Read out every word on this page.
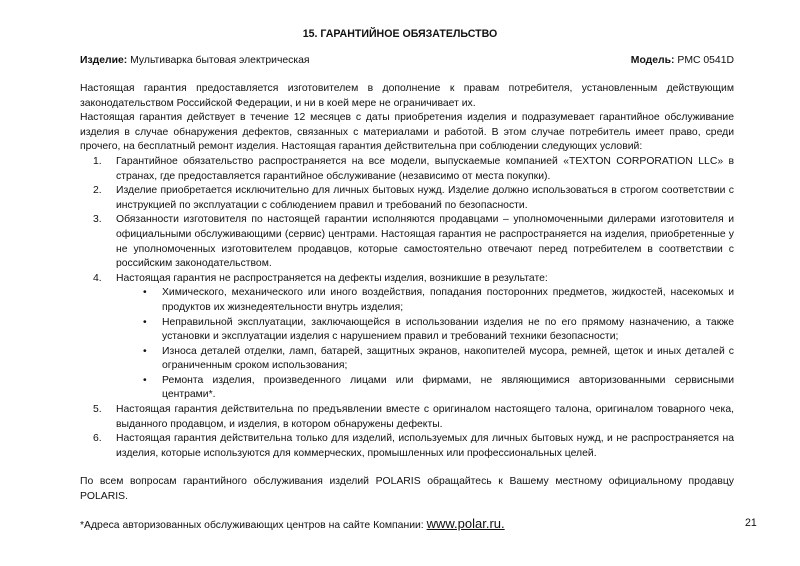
15. ГАРАНТИЙНОЕ ОБЯЗАТЕЛЬСТВО
Изделие: Мультиварка бытовая электрическая	Модель: PMC 0541D

Настоящая гарантия предоставляется изготовителем в дополнение к правам потребителя, установленным действующим законодательством Российской Федерации, и ни в коей мере не ограничивает их.

Настоящая гарантия действует в течение 12 месяцев с даты приобретения изделия и подразумевает гарантийное обслуживание изделия в случае обнаружения дефектов, связанных с материалами и работой. В этом случае потребитель имеет право, среди прочего, на бесплатный ремонт изделия. Настоящая гарантия действительна при соблюдении следующих условий:

1. Гарантийное обязательство распространяется на все модели, выпускаемые компанией «TEXTON CORPORATION LLC» в странах, где предоставляется гарантийное обслуживание (независимо от места покупки).
2. Изделие приобретается исключительно для личных бытовых нужд. Изделие должно использоваться в строгом соответствии с инструкцией по эксплуатации с соблюдением правил и требований по безопасности.
3. Обязанности изготовителя по настоящей гарантии исполняются продавцами – уполномоченными дилерами изготовителя и официальными обслуживающими (сервис) центрами. Настоящая гарантия не распространяется на изделия, приобретенные у не уполномоченных изготовителем продавцов, которые самостоятельно отвечают перед потребителем в соответствии с российским законодательством.
4. Настоящая гарантия не распространяется на дефекты изделия, возникшие в результате:
• Химического, механического или иного воздействия, попадания посторонних предметов, жидкостей, насекомых и продуктов их жизнедеятельности внутрь изделия;
• Неправильной эксплуатации, заключающейся в использовании изделия не по его прямому назначению, а также установки и эксплуатации изделия с нарушением правил и требований техники безопасности;
• Износа деталей отделки, ламп, батарей, защитных экранов, накопителей мусора, ремней, щеток и иных деталей с ограниченным сроком использования;
• Ремонта изделия, произведенного лицами или фирмами, не являющимися авторизованными сервисными центрами*.
5. Настоящая гарантия действительна по предъявлении вместе с оригиналом настоящего талона, оригиналом товарного чека, выданного продавцом, и изделия, в котором обнаружены дефекты.
6. Настоящая гарантия действительна только для изделий, используемых для личных бытовых нужд, и не распространяется на изделия, которые используются для коммерческих, промышленных или профессиональных целей.

По всем вопросам гарантийного обслуживания изделий POLARIS обращайтесь к Вашему местному официальному продавцу POLARIS.

*Адреса авторизованных обслуживающих центров на сайте Компании: www.polar.ru.	21
